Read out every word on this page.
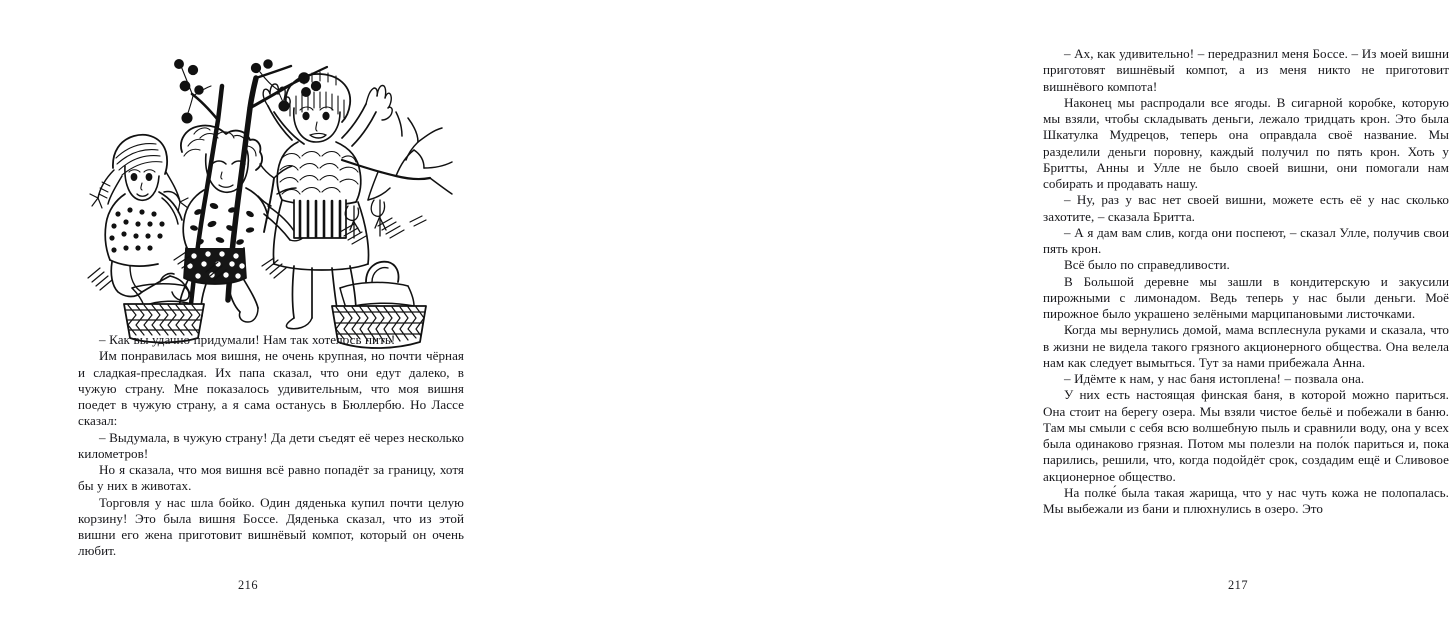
– Как вы удачно придумали! Нам так хотелось пить!

Им понравилась моя вишня, не очень крупная, но почти чёрная и сладкая-пресладкая. Их папа сказал, что они едут далеко, в чужую страну. Мне показалось удивительным, что моя вишня поедет в чужую страну, а я сама останусь в Бюллербю. Но Лассе сказал:

– Выдумала, в чужую страну! Да дети съедят её через несколько километров!

Но я сказала, что моя вишня всё равно попадёт за границу, хотя бы у них в животах.

Торговля у нас шла бойко. Один дяденька купил почти целую корзину! Это была вишня Боссе. Дяденька сказал, что из этой вишни его жена приготовит вишнёвый компот, который он очень любит.

216

– Ах, как удивительно! – передразнил меня Боссе. – Из моей вишни приготовят вишнёвый компот, а из меня никто не приготовит вишнёвого компота!

Наконец мы распродали все ягоды. В сигарной коробке, которую мы взяли, чтобы складывать деньги, лежало тридцать крон. Это была Шкатулка Мудрецов, теперь она оправдала своё название. Мы разделили деньги поровну, каждый получил по пять крон. Хоть у Бритты, Анны и Улле не было своей вишни, они помогали нам собирать и продавать нашу.

– Ну, раз у вас нет своей вишни, можете есть её у нас сколько захотите, – сказала Бритта.

– А я дам вам слив, когда они поспеют, – сказал Улле, получив свои пять крон.

Всё было по справедливости.

В Большой деревне мы зашли в кондитерскую и закусили пирожными с лимонадом. Ведь теперь у нас были деньги. Моё пирожное было украшено зелёными марципановыми листочками.

Когда мы вернулись домой, мама всплеснула руками и сказала, что в жизни не видела такого грязного акционерного общества. Она велела нам как следует вымыться. Тут за нами прибежала Анна.

– Идёмте к нам, у нас баня истоплена! – позвала она.

У них есть настоящая финская баня, в которой можно париться. Она стоит на берегу озера. Мы взяли чистое бельё и побежали в баню. Там мы смыли с себя всю волшебную пыль и сравнили воду, она у всех была одинаково грязная. Потом мы полезли на поло́к париться и, пока парились, решили, что, когда подойдёт срок, создадим ещё и Сливовое акционерное общество.

На полке́ была такая жарища, что у нас чуть кожа не полопалась. Мы выбежали из бани и плюхнулись в озеро. Это

217
